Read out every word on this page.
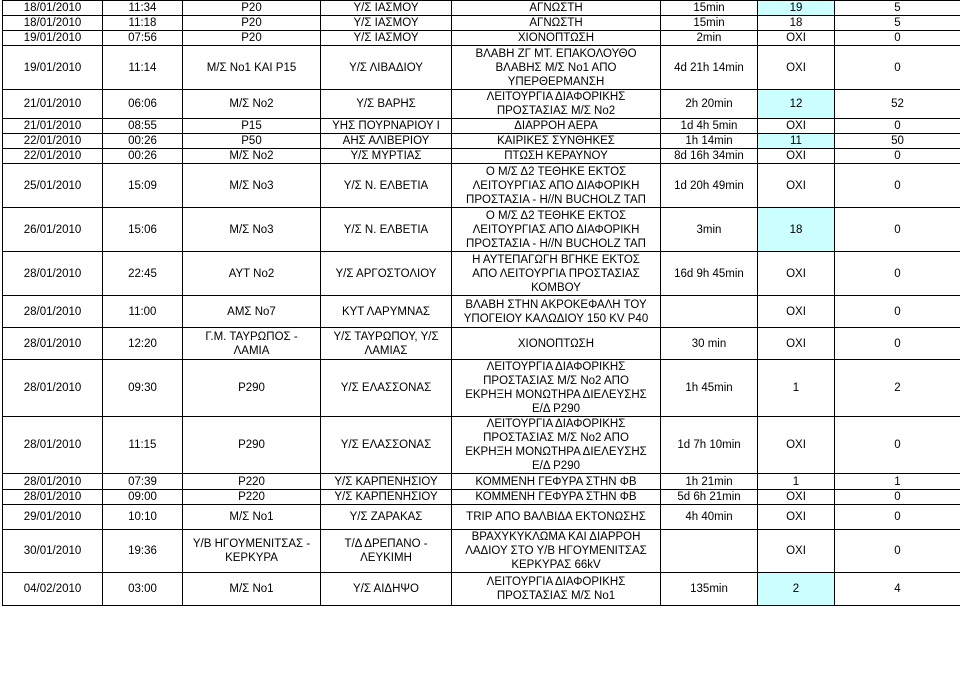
18/01/2010	11:34	P20	Υ/Σ ΙΑΣΜΟΥ	ΑΓΝΩΣΤΗ	15min	19	5
18/01/2010	11:18	P20	Υ/Σ ΙΑΣΜΟΥ	ΑΓΝΩΣΤΗ	15min	18	5
19/01/2010	07:56	P20	Υ/Σ ΙΑΣΜΟΥ	ΧΙΟΝΟΠΤΩΣΗ	2min	ΟΧΙ	0
19/01/2010	11:14	Μ/Σ Νο1 ΚΑΙ P15	Υ/Σ ΛΙΒΑΔΙΟΥ	ΒΛΑΒΗ ΖΓ ΜΤ. ΕΠΑΚΟΛΟΥΘΟ
ΒΛΑΒΗΣ Μ/Σ Νο1 ΑΠΟ
ΥΠΕΡΘΕΡΜΑΝΣΗ	4d 21h 14min	ΟΧΙ	0
21/01/2010	06:06	Μ/Σ Νο2	Υ/Σ ΒΑΡΗΣ	ΛΕΙΤΟΥΡΓΙΑ ΔΙΑΦΟΡΙΚΗΣ
ΠΡΟΣΤΑΣΙΑΣ Μ/Σ Νο2	2h 20min	12	52
21/01/2010	08:55	P15	ΥΗΣ ΠΟΥΡΝΑΡΙΟΥ Ι	ΔΙΑΡΡΟΗ ΑΕΡΑ	1d 4h 5min	ΟΧΙ	0
22/01/2010	00:26	P50	ΑΗΣ ΑΛΙΒΕΡΙΟΥ	ΚΑΙΡΙΚΕΣ ΣΥΝΘΗΚΕΣ	1h 14min	11	50
22/01/2010	00:26	Μ/Σ Νο2	Υ/Σ ΜΥΡΤΙΑΣ	ΠΤΩΣΗ ΚΕΡΑΥΝΟΥ	8d 16h 34min	ΟΧΙ	0
25/01/2010	15:09	Μ/Σ Νο3	Υ/Σ Ν. ΕΛΒΕΤΙΑ	Ο Μ/Σ Δ2 ΤΕΘΗΚΕ ΕΚΤΟΣ
ΛΕΙΤΟΥΡΓΙΑΣ ΑΠΟ ΔΙΑΦΟΡΙΚΗ
ΠΡΟΣΤΑΣΙΑ - Η//Ν BUCHOLZ ΤΑΠ	1d 20h 49min	ΟΧΙ	0
26/01/2010	15:06	Μ/Σ Νο3	Υ/Σ Ν. ΕΛΒΕΤΙΑ	Ο Μ/Σ Δ2 ΤΕΘΗΚΕ ΕΚΤΟΣ
ΛΕΙΤΟΥΡΓΙΑΣ ΑΠΟ ΔΙΑΦΟΡΙΚΗ
ΠΡΟΣΤΑΣΙΑ - Η//Ν BUCHOLZ ΤΑΠ	3min	18	0
28/01/2010	22:45	ΑΥΤ Νο2	Υ/Σ ΑΡΓΟΣΤΟΛΙΟΥ	Η ΑΥΤΕΠΑΓΩΓΗ ΒΓΗΚΕ ΕΚΤΟΣ
ΑΠΟ ΛΕΙΤΟΥΡΓΙΑ ΠΡΟΣΤΑΣΙΑΣ
ΚΟΜΒΟΥ	16d 9h 45min	ΟΧΙ	0
28/01/2010	11:00	ΑΜΣ Νο7	ΚΥΤ ΛΑΡΥΜΝΑΣ	ΒΛΑΒΗ ΣΤΗΝ ΑΚΡΟΚΕΦΑΛΗ ΤΟΥ
ΥΠΟΓΕΙΟΥ ΚΑΛΩΔΙΟΥ 150 KV P40		ΟΧΙ	0
28/01/2010	12:20	Γ.Μ. ΤΑΥΡΩΠΟΣ -
ΛΑΜΙΑ	Υ/Σ ΤΑΥΡΩΠΟΥ, Υ/Σ
ΛΑΜΙΑΣ	ΧΙΟΝΟΠΤΩΣΗ	30 min	ΟΧΙ	0
28/01/2010	09:30	P290	Υ/Σ ΕΛΑΣΣΟΝΑΣ	ΛΕΙΤΟΥΡΓΙΑ ΔΙΑΦΟΡΙΚΗΣ
ΠΡΟΣΤΑΣΙΑΣ Μ/Σ Νο2 ΑΠΟ
ΕΚΡΗΞΗ ΜΟΝΩΤΗΡΑ ΔΙΕΛΕΥΣΗΣ
Ε/Δ P290	1h 45min	1	2
28/01/2010	11:15	P290	Υ/Σ ΕΛΑΣΣΟΝΑΣ	ΛΕΙΤΟΥΡΓΙΑ ΔΙΑΦΟΡΙΚΗΣ
ΠΡΟΣΤΑΣΙΑΣ Μ/Σ Νο2 ΑΠΟ
ΕΚΡΗΞΗ ΜΟΝΩΤΗΡΑ ΔΙΕΛΕΥΣΗΣ
Ε/Δ P290	1d 7h 10min	ΟΧΙ	0
28/01/2010	07:39	P220	Υ/Σ ΚΑΡΠΕΝΗΣΙΟΥ	ΚΟΜΜΕΝΗ ΓΕΦΥΡΑ ΣΤΗΝ ΦΒ	1h 21min	1	1
28/01/2010	09:00	P220	Υ/Σ ΚΑΡΠΕΝΗΣΙΟΥ	ΚΟΜΜΕΝΗ ΓΕΦΥΡΑ ΣΤΗΝ ΦΒ	5d 6h 21min	ΟΧΙ	0
29/01/2010	10:10	Μ/Σ Νο1	Υ/Σ ΖΑΡΑΚΑΣ	TRIP ΑΠΟ ΒΑΛΒΙΔΑ ΕΚΤΟΝΩΣΗΣ	4h 40min	ΟΧΙ	0
30/01/2010	19:36	Υ/Β ΗΓΟΥΜΕΝΙΤΣΑΣ -
ΚΕΡΚΥΡΑ	Τ/Δ ΔΡΕΠΑΝΟ - ΛΕΥΚΙΜΗ	ΒΡΑΧΥΚΥΚΛΩΜΑ ΚΑΙ ΔΙΑΡΡΟΗ
ΛΑΔΙΟΥ ΣΤΟ Υ/Β ΗΓΟΥΜΕΝΙΤΣΑΣ
ΚΕΡΚΥΡΑΣ 66kV		ΟΧΙ	0
04/02/2010	03:00	Μ/Σ Νο1	Υ/Σ ΑΙΔΗΨΟ	ΛΕΙΤΟΥΡΓΙΑ ΔΙΑΦΟΡΙΚΗΣ
ΠΡΟΣΤΑΣΙΑΣ Μ/Σ Νο1	135min	2	4
